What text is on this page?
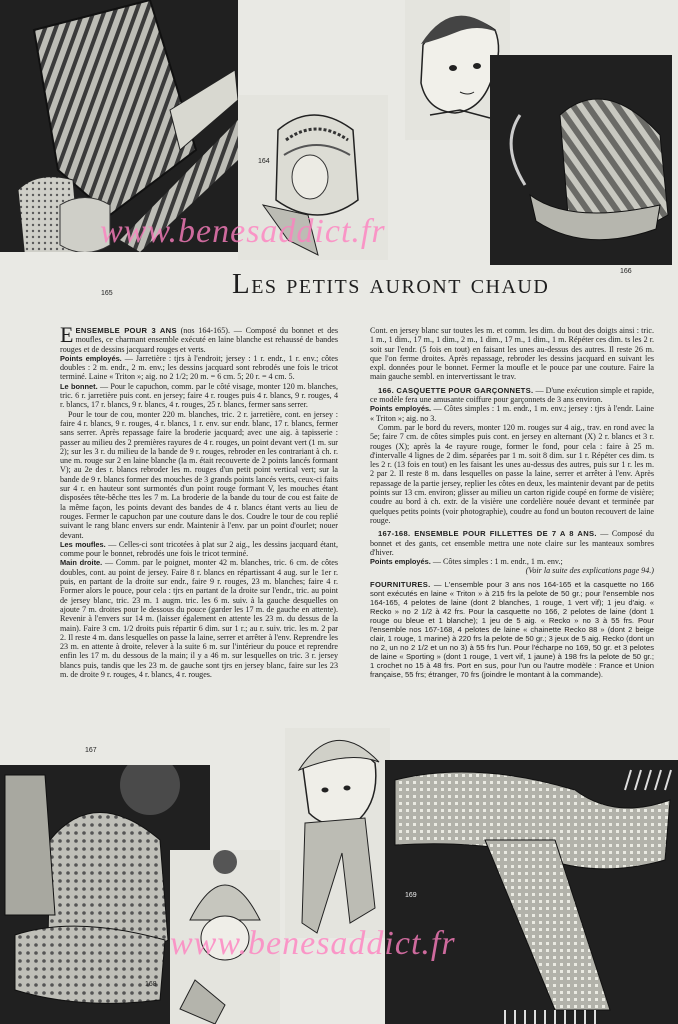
165
164
166
www.benesaddict.fr
Les petits auront chaud

E ENSEMBLE POUR 3 ANS (nos 164-165). — Composé du bonnet et des moufles, ce charmant ensemble exécuté en laine blanche est rehaussé de bandes rouges et de dessins jacquard rouges et verts.

Points employés. — Jarretière : tjrs à l'endroit; jersey : 1 r. endr., 1 r. env.; côtes doubles : 2 m. endr., 2 m. env.; les dessins jacquard sont rebrodés une fois le tricot terminé. Laine « Triton »; aig. no 2 1/2; 20 m. = 6 cm. 5; 20 r. = 4 cm. 5.

Le bonnet. — Pour le capuchon, comm. par le côté visage, monter 120 m. blanches, tric. 6 r. jarretière puis cont. en jersey; faire 4 r. rouges puis 4 r. blancs, 9 r. rouges, 4 r. blancs, 17 r. blancs, 9 r. blancs, 4 r. rouges, 25 r. blancs, fermer sans serrer.

Pour le tour de cou, monter 220 m. blanches, tric. 2 r. jarretière, cont. en jersey : faire 4 r. blancs, 9 r. rouges, 4 r. blancs, 1 r. env. sur endr. blanc, 17 r. blancs, fermer sans serrer. Après repassage faire la broderie jacquard; avec une aig. à tapisserie : passer au milieu des 2 premières rayures de 4 r. rouges, un point devant vert (1 m. sur 2); sur les 3 r. du milieu de la bande de 9 r. rouges, rebroder en les contrariant à ch. r. une m. rouge sur 2 en laine blanche (la m. était recouverte de 2 points lancés formant V); au 2e des r. blancs rebroder les m. rouges d'un petit point vertical vert; sur la bande de 9 r. blancs former des mouches de 3 grands points lancés verts, ceux-ci faits sur 4 r. en hauteur sont surmontés d'un point rouge formant V, les mouches étant disposées tête-bêche ttes les 7 m. La broderie de la bande du tour de cou est faite de la même façon, les points devant des bandes de 4 r. blancs étant verts au lieu de rouges. Fermer le capuchon par une couture dans le dos. Coudre le tour de cou replié suivant le rang blanc envers sur endr. Maintenir à l'env. par un point d'ourlet; nouer devant.

Les moufles. — Celles-ci sont tricotées à plat sur 2 aig., les dessins jacquard étant, comme pour le bonnet, rebrodés une fois le tricot terminé.

Main droite. — Comm. par le poignet, monter 42 m. blanches, tric. 6 cm. de côtes doubles, cont. au point de jersey. Faire 8 r. blancs en répartissant 4 aug. sur le 1er r. puis, en partant de la droite sur endr., faire 9 r. rouges, 23 m. blanches; faire 4 r. Former alors le pouce, pour cela : tjrs en partant de la droite sur l'endr., tric. au point de jersey blanc, tric. 23 m. 1 augm. tric. les 6 m. suiv. à la gauche desquelles on ajoute 7 m. droites pour le dessous du pouce (garder les 17 m. de gauche en attente). Revenir à l'envers sur 14 m. (laisser également en attente les 23 m. du dessus de la main). Faire 3 cm. 1/2 droits puis répartir 6 dim. sur 1 r.; au r. suiv. tric. les m. 2 par 2. Il reste 4 m. dans lesquelles on passe la laine, serrer et arrêter à l'env. Reprendre les 23 m. en attente à droite, relever à la suite 6 m. sur l'intérieur du pouce et reprendre enfin les 17 m. du dessous de la main; il y a 46 m. sur lesquelles on tric. 3 r. jersey blancs puis, tandis que les 23 m. de gauche sont tjrs en jersey blanc, faire sur les 23 m. de droite 9 r. rouges, 4 r. blancs, 4 r. rouges.

Cont. en jersey blanc sur toutes les m. et comm. les dim. du bout des doigts ainsi : tric. 1 m., 1 dim., 17 m., 1 dim., 2 m., 1 dim., 17 m., 1 dim., 1 m. Répéter ces dim. ts les 2 r. soit sur l'endr. (5 fois en tout) en faisant les unes au-dessus des autres. Il reste 26 m. que l'on ferme droites. Après repassage, rebroder les dessins jacquard en suivant les expl. données pour le bonnet. Fermer la moufle et le pouce par une couture. Faire la main gauche sembl. en intervertissant le trav.

166. CASQUETTE POUR GARÇONNETS. — D'une exécution simple et rapide, ce modèle fera une amusante coiffure pour garçonnets de 3 ans environ.

Points employés. — Côtes simples : 1 m. endr., 1 m. env.; jersey : tjrs à l'endr. Laine « Triton »; aig. no 3.

Comm. par le bord du revers, monter 120 m. rouges sur 4 aig., trav. en rond avec la 5e; faire 7 cm. de côtes simples puis cont. en jersey en alternant (X) 2 r. blancs et 3 r. rouges (X); après la 4e rayure rouge, former le fond, pour cela : faire à 25 m. d'intervalle 4 lignes de 2 dim. séparées par 1 m. soit 8 dim. sur 1 r. Répéter ces dim. ts les 2 r. (13 fois en tout) en les faisant les unes au-dessus des autres, puis sur 1 r. les m. 2 par 2. Il reste 8 m. dans lesquelles on passe la laine, serrer et arrêter à l'env. Après repassage de la partie jersey, replier les côtes en deux, les maintenir devant par de petits points sur 13 cm. environ; glisser au milieu un carton rigide coupé en forme de visière; coudre au bord à ch. extr. de la visière une cordelière nouée devant et terminée par quelques petits points (voir photographie), coudre au fond un bouton recouvert de laine rouge.

167-168. ENSEMBLE POUR FILLETTES DE 7 A 8 ANS. — Composé du bonnet et des gants, cet ensemble mettra une note claire sur les manteaux sombres d'hiver.

Points employés. — Côtes simples : 1 m. endr., 1 m. env.;

(Voir la suite des explications page 94.)

FOURNITURES. — L'ensemble pour 3 ans nos 164-165 et la casquette no 166 sont exécutés en laine « Triton » à 215 frs la pelote de 50 gr.; pour l'ensemble nos 164-165, 4 pelotes de laine (dont 2 blanches, 1 rouge, 1 vert vif); 1 jeu d'aig. « Recko » no 2 1/2 à 42 frs. Pour la casquette no 166, 2 pelotes de laine (dont 1 rouge ou bleue et 1 blanche); 1 jeu de 5 aig. « Recko » no 3 à 55 frs. Pour l'ensemble nos 167-168, 4 pelotes de laine « chainette Recko 88 » (dont 2 beige clair, 1 rouge, 1 marine) à 220 frs la pelote de 50 gr.; 3 jeux de 5 aig. Recko (dont un no 2, un no 2 1/2 et un no 3) à 55 frs l'un. Pour l'écharpe no 169, 50 gr. et 3 pelotes de laine « Sporting » (dont 1 rouge, 1 vert vif, 1 jaune) à 198 frs la pelote de 50 gr.; 1 crochet no 15 à 48 frs. Port en sus, pour l'un ou l'autre modèle : France et Union française, 55 frs; étranger, 70 frs (joindre le montant à la commande).

167
168
169
www.benesaddict.fr
